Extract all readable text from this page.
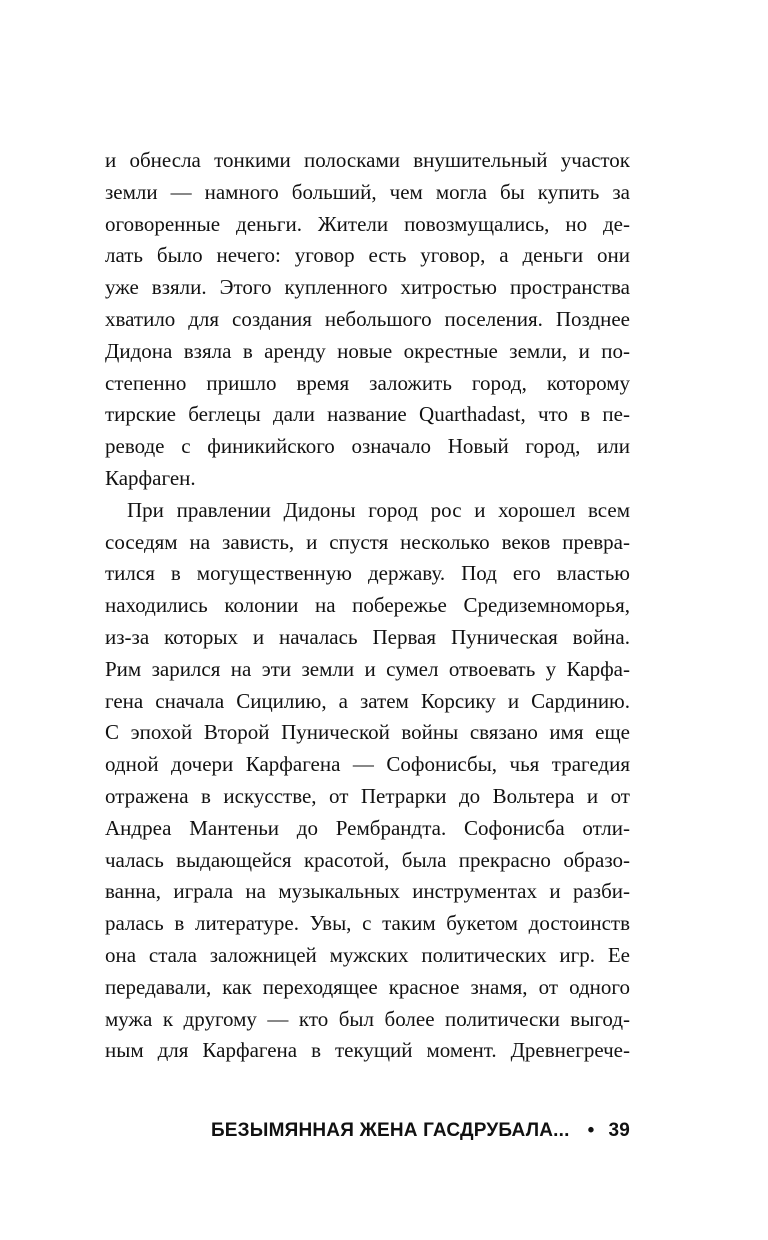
и обнесла тонкими полосками внушительный участок
земли — намного больший, чем могла бы купить за
оговоренные деньги. Жители повозмущались, но де-
лать было нечего: уговор есть уговор, а деньги они
уже взяли. Этого купленного хитростью пространства
хватило для создания небольшого поселения. Позднее
Дидона взяла в аренду новые окрестные земли, и по-
степенно пришло время заложить город, которому
тирские беглецы дали название Quarthadast, что в пе-
реводе с финикийского означало Новый город, или
Карфаген.
При правлении Дидоны город рос и хорошел всем
соседям на зависть, и спустя несколько веков превра-
тился в могущественную державу. Под его властью
находились колонии на побережье Средиземноморья,
из-за которых и началась Первая Пуническая война.
Рим зарился на эти земли и сумел отвоевать у Карфа-
гена сначала Сицилию, а затем Корсику и Сардинию.
С эпохой Второй Пунической войны связано имя еще
одной дочери Карфагена — Софонисбы, чья трагедия
отражена в искусстве, от Петрарки до Вольтера и от
Андреа Мантеньи до Рембрандта. Софонисба отли-
чалась выдающейся красотой, была прекрасно образо-
ванна, играла на музыкальных инструментах и разби-
ралась в литературе. Увы, с таким букетом достоинств
она стала заложницей мужских политических игр. Ее
передавали, как переходящее красное знамя, от одного
мужа к другому — кто был более политически выгод-
ным для Карфагена в текущий момент. Древнегрече-
БЕЗЫМЯННАЯ ЖЕНА ГАСДРУБАЛА... • 39
